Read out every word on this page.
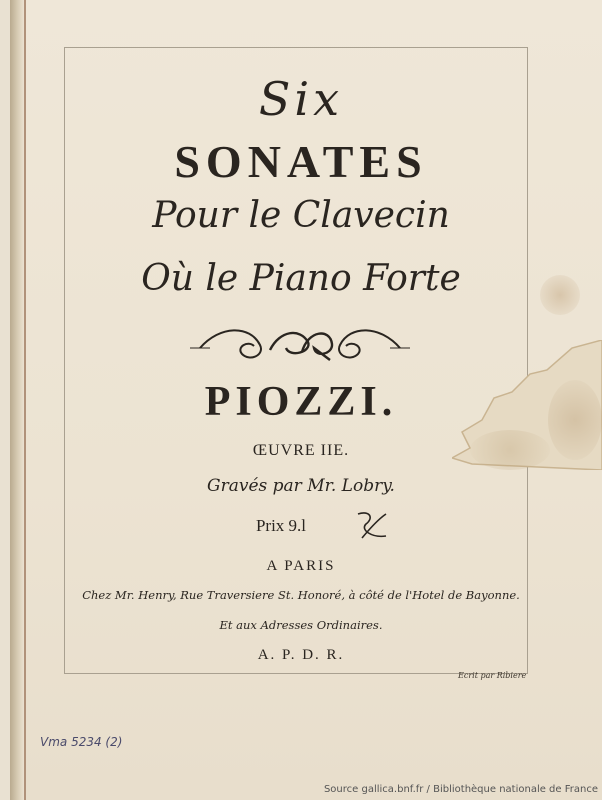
Six
SONATES
Pour le Clavecin
Où le Piano Forte
PIOZZI.
ŒUVRE IIE.
Gravés par Mr. Lobry.
Prix 9.l
A PARIS
Chez Mr. Henry, Rue Traversiere St. Honoré, à côté de l'Hotel de Bayonne.
Et aux Adresses Ordinaires.
A. P. D. R.
Ecrit par Ribiere
Vma 5234 (2)
Source gallica.bnf.fr / Bibliothèque nationale de France
